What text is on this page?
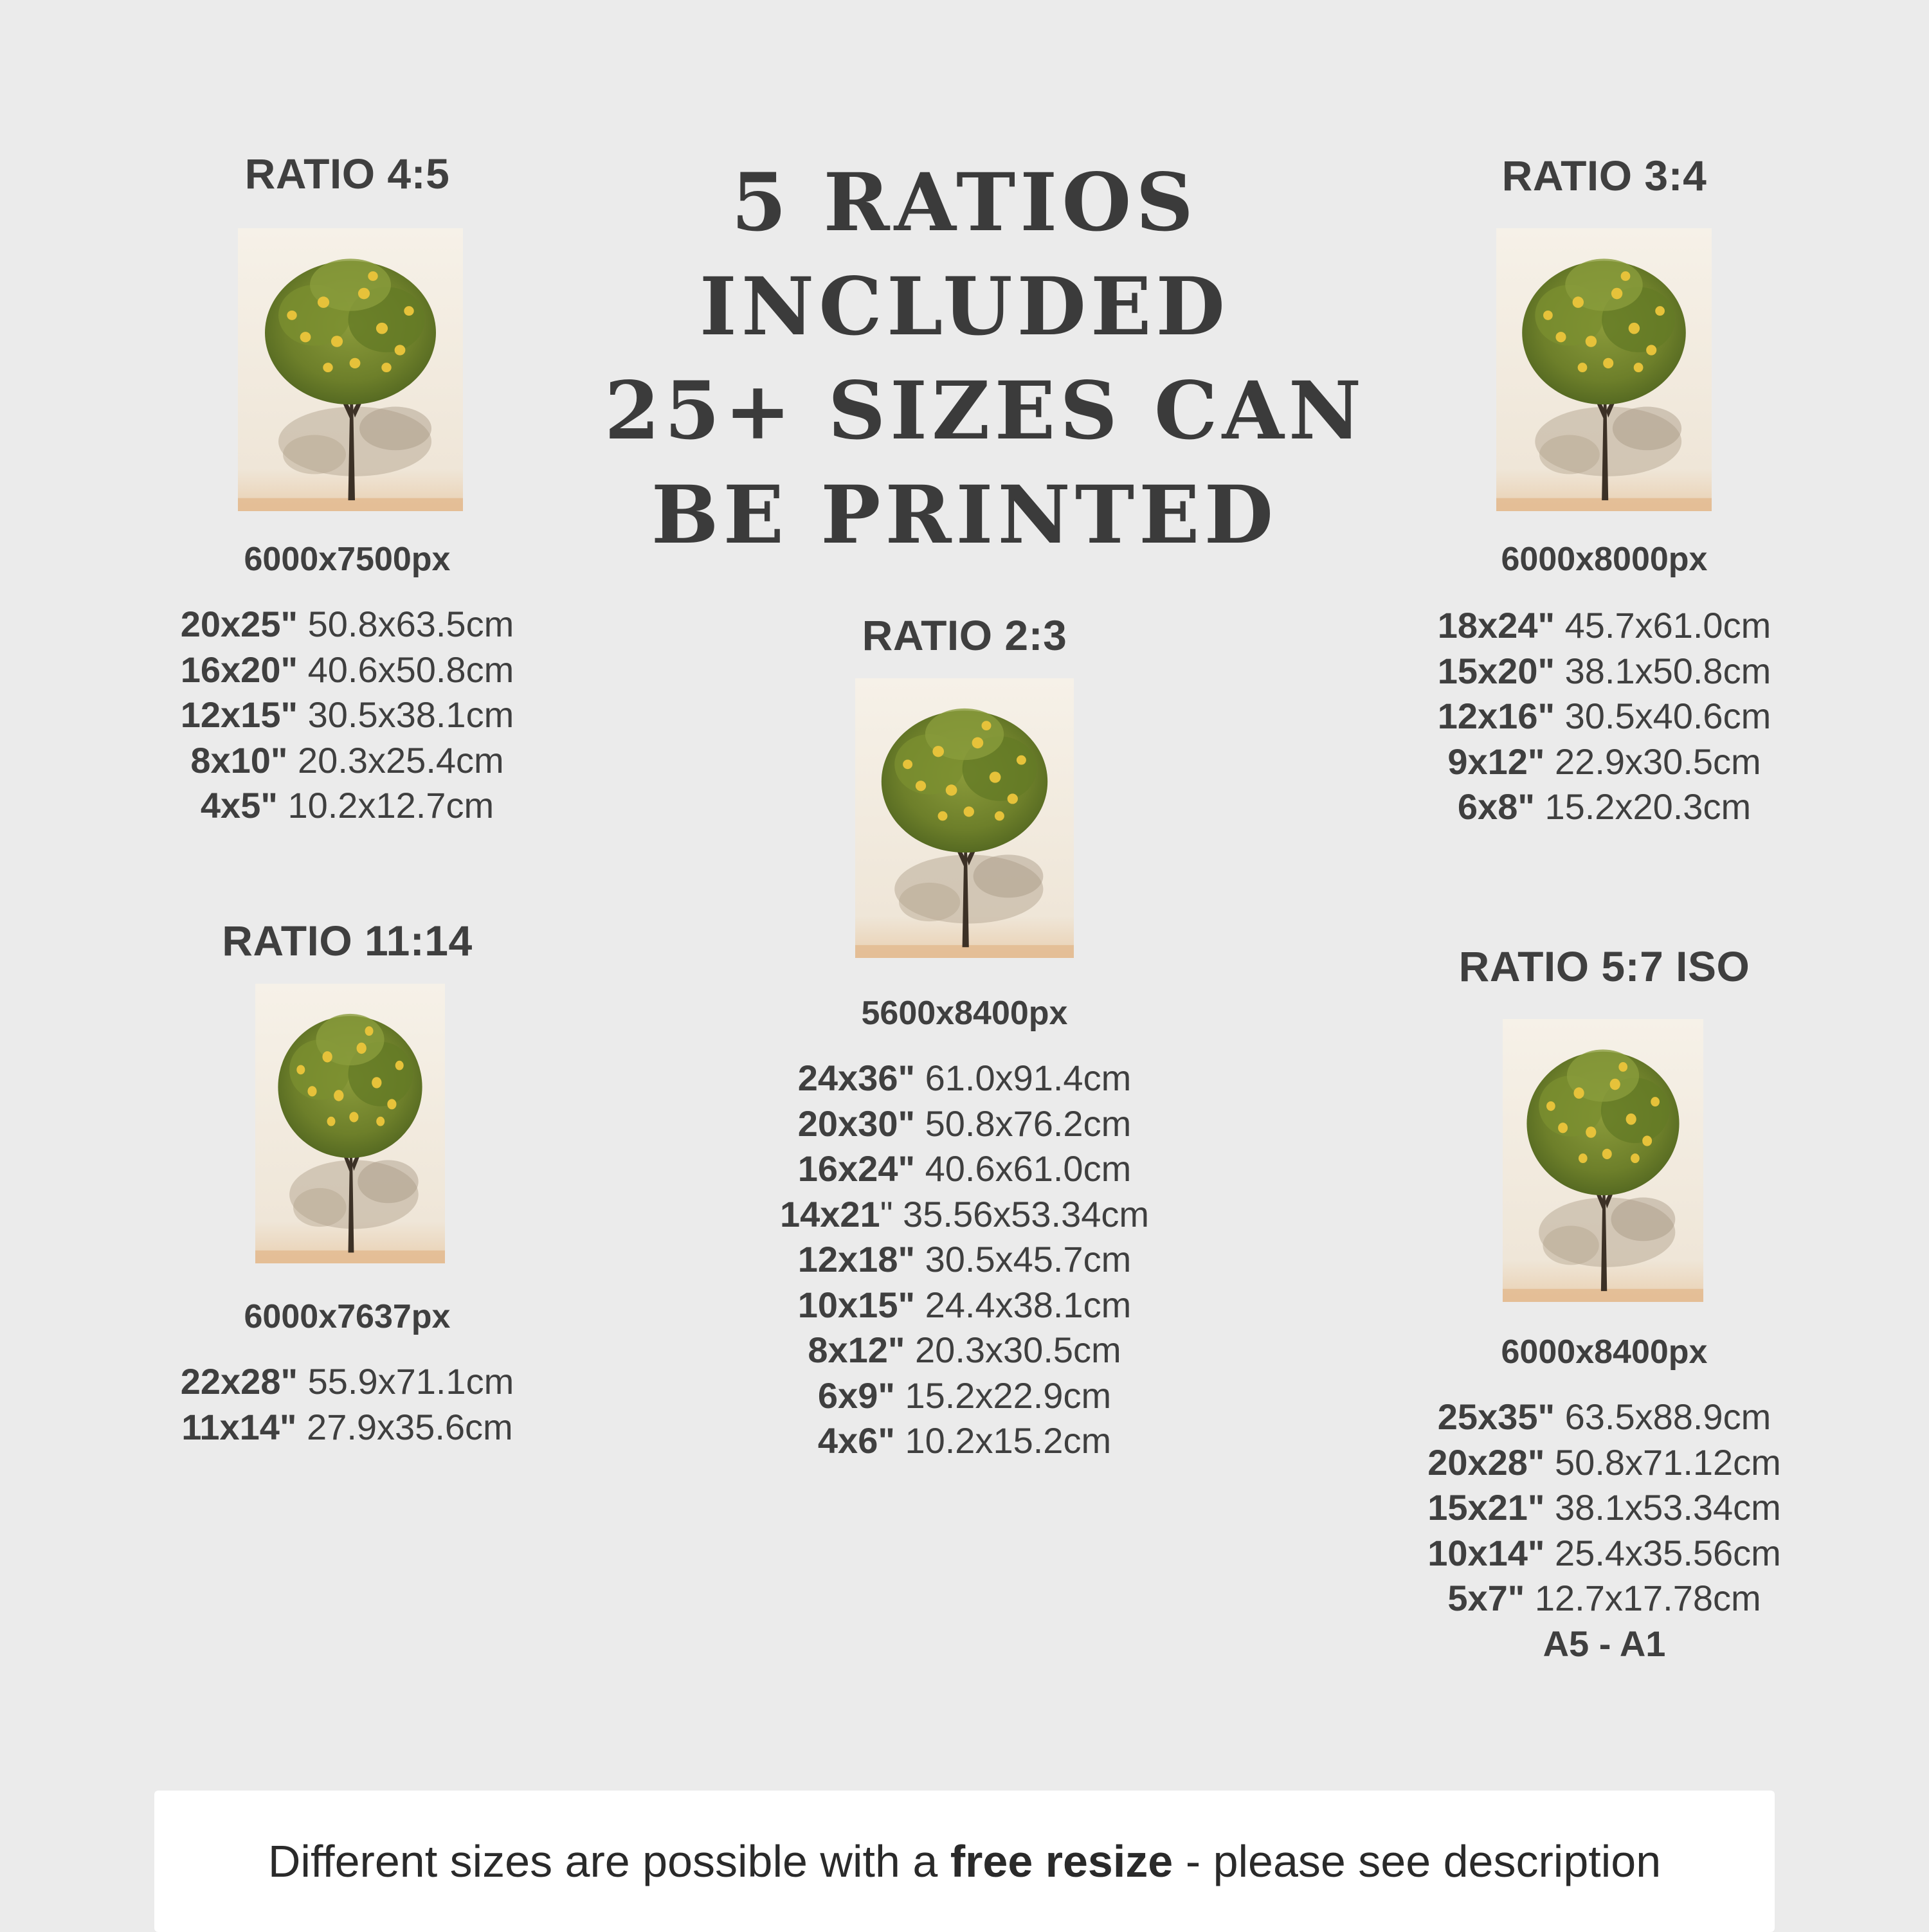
RATIO 4:5
6000x7500px
20x25" 50.8x63.5cm
16x20" 40.6x50.8cm
12x15" 30.5x38.1cm
8x10" 20.3x25.4cm
4x5" 10.2x12.7cm
RATIO 11:14
6000x7637px
22x28" 55.9x71.1cm
11x14" 27.9x35.6cm
5 RATIOS
INCLUDED
25+ SIZES CAN
BE PRINTED
RATIO 2:3
5600x8400px
24x36" 61.0x91.4cm
20x30" 50.8x76.2cm
16x24" 40.6x61.0cm
14x21" 35.56x53.34cm
12x18" 30.5x45.7cm
10x15" 24.4x38.1cm
8x12" 20.3x30.5cm
6x9" 15.2x22.9cm
4x6" 10.2x15.2cm
RATIO 3:4
6000x8000px
18x24" 45.7x61.0cm
15x20" 38.1x50.8cm
12x16" 30.5x40.6cm
9x12" 22.9x30.5cm
6x8" 15.2x20.3cm
RATIO 5:7 ISO
6000x8400px
25x35" 63.5x88.9cm
20x28" 50.8x71.12cm
15x21" 38.1x53.34cm
10x14" 25.4x35.56cm
5x7" 12.7x17.78cm
A5 - A1
Different sizes are possible with a free resize - please see description
